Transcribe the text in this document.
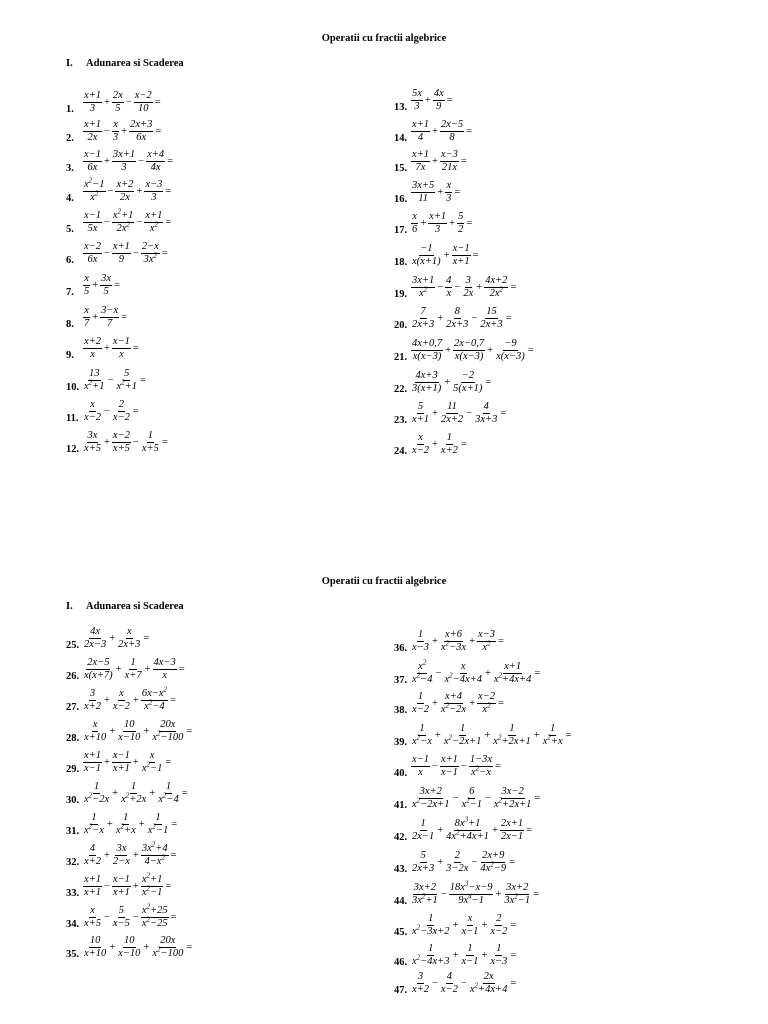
Operatii cu fractii algebrice
I. Adunarea si Scaderea
1. $\frac{x+1}{3} + \frac{2x}{5} - \frac{x-2}{10}$ =
2. $\frac{x+1}{2x} - \frac{x}{3} + \frac{2x+3}{6x}$ =
3. $\frac{x-1}{6x} + \frac{3x+1}{3} - \frac{x+4}{4x}$ =
4. $\frac{x^2-1}{x^2} - \frac{x+2}{2x} + \frac{x-3}{3}$ =
5. $\frac{x-1}{5x} - \frac{x^2+1}{2x^2} - \frac{x+1}{x^2}$ =
6. $\frac{x-2}{6x} - \frac{x+1}{9} - \frac{2-x}{3x^2}$ =
7. $\frac{x}{5} + \frac{3x}{5}$ =
8. $\frac{x}{7} + \frac{3-x}{7}$ =
9. $\frac{x+2}{x} + \frac{x-1}{x}$ =
10. $\frac{13}{x^2+1} - \frac{5}{x^2+1}$ =
11. $\frac{x}{x-2} - \frac{2}{x-2}$ =
12. $\frac{3x}{x+5} + \frac{x-2}{x+5} - \frac{1}{x+5}$ =
13. $\frac{5x}{3} + \frac{4x}{9}$ =
14. $\frac{x+1}{4} + \frac{2x-5}{8}$ =
15. $\frac{x+1}{7x} + \frac{x-3}{21x}$ =
16. $\frac{3x+5}{11} + \frac{x}{3}$ =
17. $\frac{x}{6} + \frac{x+1}{3} + \frac{5}{2}$ =
18. $\frac{-1}{x(x+1)} + \frac{x-1}{x+1}$ =
19. $\frac{3x+1}{x^2} - \frac{4}{x} - \frac{3}{2x} + \frac{4x+2}{2x^2}$ =
20. $\frac{7}{2x+3} + \frac{8}{2x+3} - \frac{15}{2x+3}$ =
21. $\frac{4x+0,7}{x(x-3)} + \frac{2x-0,7}{x(x-3)} + \frac{-9}{x(x-3)}$ =
22. $\frac{4x+3}{3(x+1)} + \frac{-2}{5(x+1)}$ =
23. $\frac{5}{x+1} + \frac{11}{2x+2} - \frac{4}{3x+3}$ =
24. $\frac{x}{x-2} + \frac{1}{x+2}$ =
Operatii cu fractii algebrice
I. Adunarea si Scaderea
25. $\frac{4x}{2x-3} + \frac{x}{2x+3}$ =
26. $\frac{2x-5}{x(x+7)} + \frac{1}{x+7} + \frac{4x-3}{x}$ =
27. $\frac{3}{x+2} + \frac{x}{x-2} + \frac{6x-x^2}{x^2-4}$ =
28. $\frac{x}{x+10} + \frac{10}{x-10} + \frac{20x}{x^2-100}$ =
29. $\frac{x+1}{x-1} + \frac{x-1}{x+1} + \frac{x}{x^2-1}$ =
30. $\frac{1}{x^2-2x} + \frac{1}{x^2+2x} + \frac{1}{x^2-4}$ =
31. $\frac{1}{x^2-x} + \frac{1}{x^2+x} + \frac{1}{x^2-1}$ =
32. $\frac{4}{x+2} + \frac{3x}{2-x} + \frac{3x^2+4}{4-x^2}$ =
33. $\frac{x+1}{x+1} - \frac{x-1}{x+1} + \frac{x^2+1}{x^2-1}$ =
34. $\frac{x}{x+5} - \frac{5}{x-5} - \frac{x^2+25}{x^2-25}$ =
35. $\frac{10}{x+10} + \frac{10}{x-10} + \frac{20x}{x^2-100}$ =
36. $\frac{1}{x-3} + \frac{x+6}{x^2-3x} + \frac{x-3}{x^2}$ =
37. $\frac{x^2}{x^2-4} - \frac{x}{x^2-4x+4} + \frac{x+1}{x^2+4x+4}$ =
38. $\frac{1}{x-2} + \frac{x+4}{x^2-2x} + \frac{x-2}{x^2}$ =
39. $\frac{1}{x^2-x} + \frac{1}{x^2-2x+1} + \frac{1}{x^2+2x+1} + \frac{1}{x^2+x}$ =
40. $\frac{x-1}{x} - \frac{x+1}{x-1} - \frac{1-3x}{x^2-x}$ =
41. $\frac{3x+2}{x^2-2x+1} - \frac{6}{x^2-1} - \frac{3x-2}{x^2+2x+1}$ =
42. $\frac{1}{2x-1} + \frac{8x^3+1}{4x^2+4x+1} + \frac{2x+1}{2x-1}$ =
43. $\frac{5}{2x+3} + \frac{2}{3-2x} - \frac{2x+9}{4x^2-9}$ =
44. $\frac{3x+2}{3x^2+1} - \frac{18x^3-x-9}{9x^4-1} + \frac{3x+2}{3x^2-1}$ =
45. $\frac{1}{x^2-3x+2} + \frac{x}{x-1} + \frac{2}{x-2}$ =
46. $\frac{1}{x^2-4x+3} + \frac{1}{x-1} + \frac{1}{x-3}$ =
47. $\frac{3}{x+2} - \frac{4}{x-2} - \frac{2x}{x^2+4x+4}$ =
